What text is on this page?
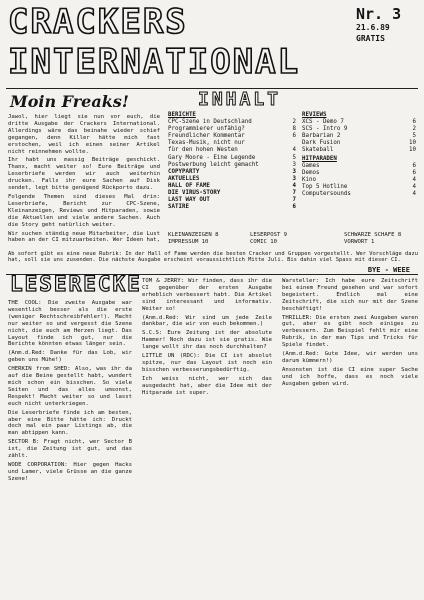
CRACKERS
INTERNATIONAL
Nr. 3
21.6.89
GRATIS
Moin Freaks!

Jawol, hier liegt sie nun vor euch, die dritte Ausgabe der Crackers International. Allerdings wäre das beinahe wieder schief gegangen, denn Killer hätte mich fast erstochen, weil ich einen seiner Artikel nicht reinnehmen wollte.

Ihr habt uns massig Beiträge geschickt. Thanx, macht weiter so! Eure Beiträge und Leserbriefe werden wir auch weiterhin drucken. Falls ihr eure Sachen auf Disk sendet, legt bitte genügend Rückporto dazu.

Folgende Themen sind dieses Mal drin: Leserbriefe, Bericht zur CPC-Szene, Kleinanzeigen, Reviews und Hitparaden, sowie die Aktuellen und viele andere Sachen. Auch die Story geht natürlich weiter.

Wir suchen ständig neue Mitarbeiter, die Lust haben an der CI mitzuarbeiten. Wer Ideen hat,

INHALT
BERICHTE
CPC-Szene in Deutschland	2
Programmierer unfähig?	8
Freundlicher Kommentar	6
Texas-Musik, nicht nur
für den hohen Westen	4
Gary Moore - Eine Legende	5
Postwerbung leicht gemacht	3
COPYPARTY	3
AKTUELLES	3
HALL OF FAME	4
DIE VIRUS-STORY	7
LAST WAY OUT	7
SATIRE	6
REVIEWS
XCS - Demo 7	6
SCS - Intro 9	2
Barbarian 2	5
Dark Fusion	10
Skateball	10
HITPARADEN
Games	6
Demos	6
Kino	4
Top 5 Hotline	4
Computersounds	4
KLEINANZEIGEN 8	LESERPOST 9	SCHWARZE SCHAFE 8
IMPRESSUM 10	COMIC 10	VORWORT 1
Ab sofort gibt es eine neue Rubrik: In der Hall of Fame werden die besten Cracker und Gruppen vorgestellt. Wer Vorschläge dazu hat, soll sie uns zusenden. Die nächste Ausgabe erscheint voraussichtlich Mitte Juli. Bis dahin viel Spass mit dieser CI.
BYE - WEEE
LESERECKE

THE COOL: Die zweite Ausgabe war wesentlich besser als die erste (weniger Rechtschreibfehler!). Macht nur weiter so und vergesst die Szene nicht, die euch am Herzen liegt. Das Layout finde ich gut, nur die Berichte könnten etwas länger sein.

(Anm.d.Red: Danke für das Lob, wir geben uns Mühe!)

CHERKIN from SHED: Also, was ihr da auf die Beine gestellt habt, wundert mich schon ein bisschen. So viele Seiten und das alles umsonst, Respekt! Macht weiter so und lasst euch nicht unterkriegen.

Die Leserbriefe finde ich am besten, aber eine Bitte hätte ich: Druckt doch mal ein paar Listings ab, die man abtippen kann.

SECTOR B: Fragt nicht, wer Sector B ist, die Zeitung ist gut, und das zählt.

WODE CORPORATION: Hier gegen Hacks und Lamer, viele Grüsse an die ganze Szene!

TOM & JERRY: Wir finden, dass ihr die CI gegenüber der ersten Ausgabe erheblich verbessert habt. Die Artikel sind interessant und informativ. Weiter so!

(Anm.d.Red: Wir sind um jede Zeile dankbar, die wir von euch bekommen.)

S.C.S: Eure Zeitung ist der absolute Hammer! Noch dazu ist sie gratis. Wie lange wollt ihr das noch durchhalten?

LITTLE UN (RDC): Die CI ist absolut spitze, nur das Layout ist noch ein bisschen verbesserungsbedürftig.

Ich weiss nicht, wer sich das ausgedacht hat, aber die Idee mit der Hitparade ist super.

Warsteller: Ich habe eure Zeitschrift bei einem Freund gesehen und war sofort begeistert. Endlich mal eine Zeitschrift, die sich nur mit der Szene beschäftigt!

THRILLER: Die ersten zwei Ausgaben waren gut, aber es gibt noch einiges zu verbessern. Zum Beispiel fehlt mir eine Rubrik, in der man Tips und Tricks für Spiele findet.

(Anm.d.Red: Gute Idee, wir werden uns darum kümmern!)

Ansonsten ist die CI eine super Sache und ich hoffe, dass es noch viele Ausgaben geben wird.
